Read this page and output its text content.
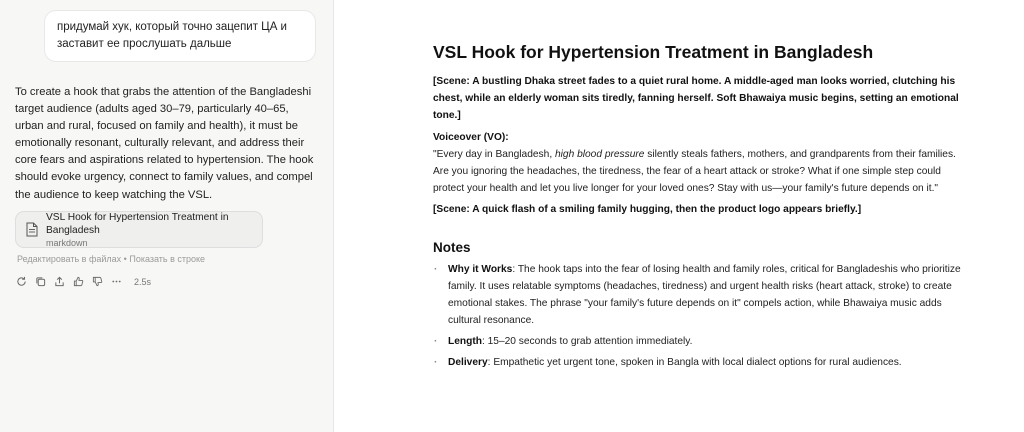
придумай хук, который точно зацепит ЦА и заставит ее прослушать дальше
To create a hook that grabs the attention of the Bangladeshi target audience (adults aged 30–79, particularly 40–65, urban and rural, focused on family and health), it must be emotionally resonant, culturally relevant, and address their core fears and aspirations related to hypertension. The hook should evoke urgency, connect to family values, and compel the audience to keep watching the VSL.
VSL Hook for Hypertension Treatment in Bangladesh
markdown
Редактировать в файлах • Показать в строке
2.5s
VSL Hook for Hypertension Treatment in Bangladesh
[Scene: A bustling Dhaka street fades to a quiet rural home. A middle-aged man looks worried, clutching his chest, while an elderly woman sits tiredly, fanning herself. Soft Bhawaiya music begins, setting an emotional tone.]
Voiceover (VO):
"Every day in Bangladesh, high blood pressure silently steals fathers, mothers, and grandparents from their families. Are you ignoring the headaches, the tiredness, the fear of a heart attack or stroke? What if one simple step could protect your health and let you live longer for your loved ones? Stay with us—your family's future depends on it."
[Scene: A quick flash of a smiling family hugging, then the product logo appears briefly.]
Notes
· Why it Works: The hook taps into the fear of losing health and family roles, critical for Bangladeshis who prioritize family. It uses relatable symptoms (headaches, tiredness) and urgent health risks (heart attack, stroke) to create emotional stakes. The phrase "your family's future depends on it" compels action, while Bhawaiya music adds cultural resonance.
· Length: 15–20 seconds to grab attention immediately.
· Delivery: Empathetic yet urgent tone, spoken in Bangla with local dialect options for rural audiences.
